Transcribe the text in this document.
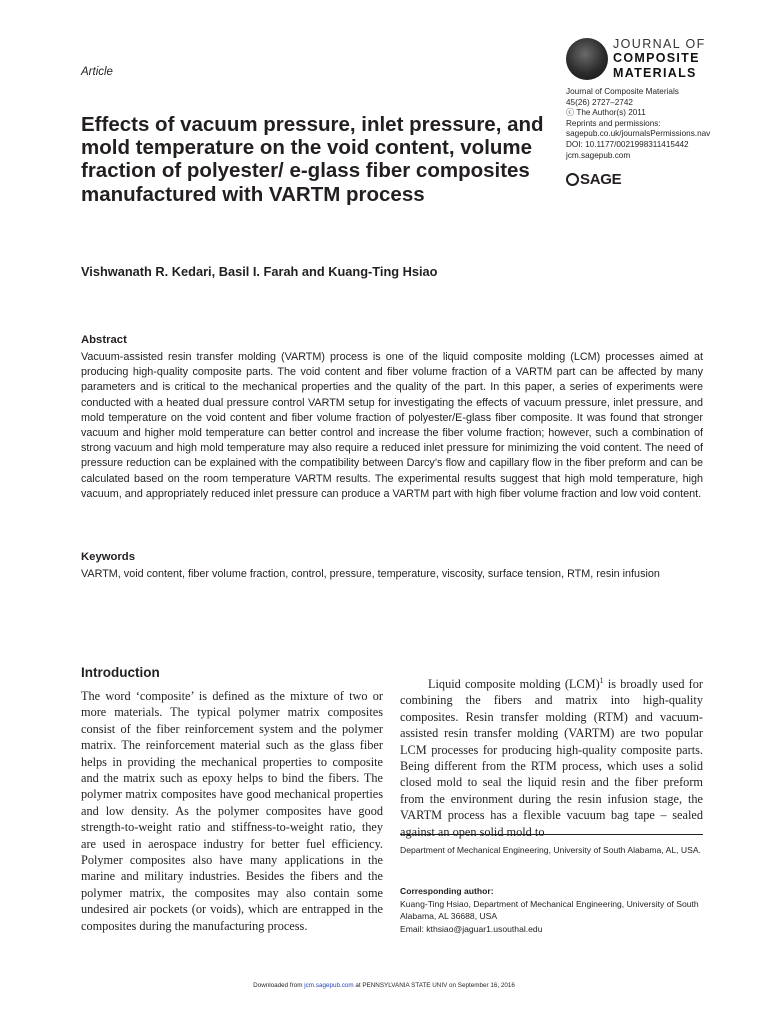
Article
JOURNAL OF
COMPOSITE
MATERIALS
Journal of Composite Materials
45(26) 2727–2742
ⓒ The Author(s) 2011
Reprints and permissions:
sagepub.co.uk/journalsPermissions.nav
DOI: 10.1177/0021998311415442
jcm.sagepub.com
SAGE
Effects of vacuum pressure, inlet pressure, and mold temperature on the void content, volume fraction of polyester/ e-glass fiber composites manufactured with VARTM process
Vishwanath R. Kedari, Basil I. Farah and Kuang-Ting Hsiao
Abstract
Vacuum-assisted resin transfer molding (VARTM) process is one of the liquid composite molding (LCM) processes aimed at producing high-quality composite parts. The void content and fiber volume fraction of a VARTM part can be affected by many parameters and is critical to the mechanical properties and the quality of the part. In this paper, a series of experiments were conducted with a heated dual pressure control VARTM setup for investigating the effects of vacuum pressure, inlet pressure, and mold temperature on the void content and fiber volume fraction of polyester/E-glass fiber composite. It was found that stronger vacuum and higher mold temperature can better control and increase the fiber volume fraction; however, such a combination of strong vacuum and high mold temperature may also require a reduced inlet pressure for minimizing the void content. The need of pressure reduction can be explained with the compatibility between Darcy’s flow and capillary flow in the fiber preform and can be calculated based on the room temperature VARTM results. The experimental results suggest that high mold temperature, high vacuum, and appropriately reduced inlet pressure can produce a VARTM part with high fiber volume fraction and low void content.
Keywords
VARTM, void content, fiber volume fraction, control, pressure, temperature, viscosity, surface tension, RTM, resin infusion
Introduction
The word ‘composite’ is defined as the mixture of two or more materials. The typical polymer matrix composites consist of the fiber reinforcement system and the polymer matrix. The reinforcement material such as the glass fiber helps in providing the mechanical properties to composite and the matrix such as epoxy helps to bind the fibers. The polymer matrix composites have good mechanical properties and low density. As the polymer composites have good strength-to-weight ratio and stiffness-to-weight ratio, they are used in aerospace industry for better fuel efficiency. Polymer composites also have many applications in the marine and military industries. Besides the fibers and the polymer matrix, the composites may also contain some undesired air pockets (or voids), which are entrapped in the composites during the manufacturing process.
Liquid composite molding (LCM)$^1$ is broadly used for combining the fibers and matrix into high-quality composites. Resin transfer molding (RTM) and vacuum-assisted resin transfer molding (VARTM) are two popular LCM processes for producing high-quality composite parts. Being different from the RTM process, which uses a solid closed mold to seal the liquid resin and the fiber preform from the environment during the resin infusion stage, the VARTM process has a flexible vacuum bag tape – sealed against an open solid mold to
Department of Mechanical Engineering, University of South Alabama, AL, USA.
Corresponding author:
Kuang-Ting Hsiao, Department of Mechanical Engineering, University of South Alabama, AL 36688, USA
Email: kthsiao@jaguar1.usouthal.edu
Downloaded from jcm.sagepub.com at PENNSYLVANIA STATE UNIV on September 16, 2016
